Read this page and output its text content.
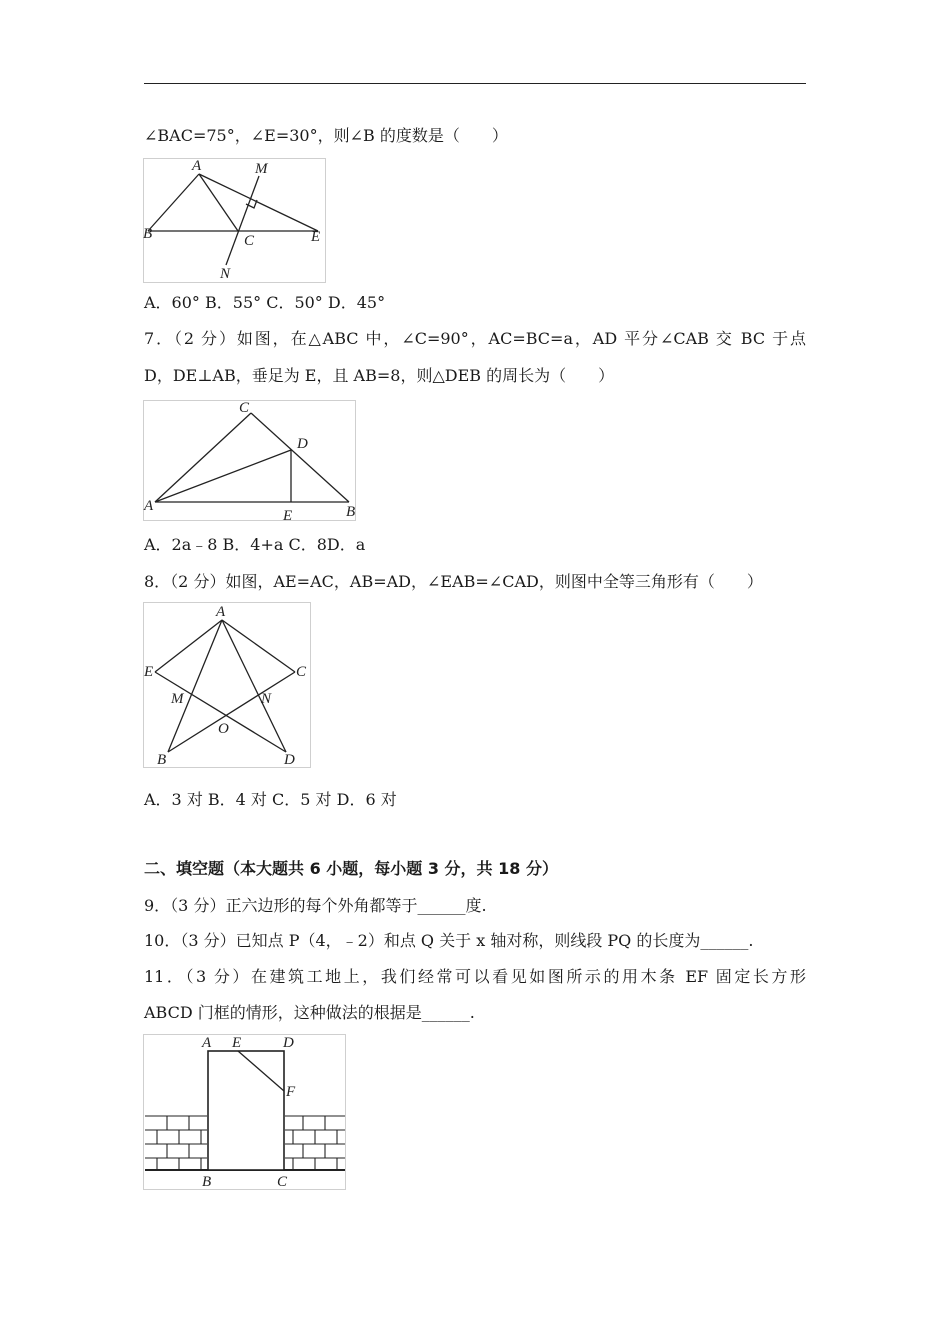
∠BAC=75°，∠E=30°，则∠B 的度数是（　　）
A	M
B	C	E
N
A．60° B．55° C．50° D．45°
7．（2 分）如图，在△ABC 中，∠C=90°，AC=BC=a，AD 平分∠CAB 交 BC 于点
D，DE⊥AB，垂足为 E，且 AB=8，则△DEB 的周长为（　　）
C
D
A
E	B
A．2a﹣8 B．4+a C．8D．a
8．（2 分）如图，AE=AC，AB=AD，∠EAB=∠CAD，则图中全等三角形有（　　）
A
E	C
M	N
O
B	D
A．3 对 B．4 对 C．5 对 D．6 对
二、填空题（本大题共 6 小题，每小题 3 分，共 18 分）
9．（3 分）正六边形的每个外角都等于______度.
10．（3 分）已知点 P（4，﹣2）和点 Q 关于 x 轴对称，则线段 PQ 的长度为______.
11．（3 分）在建筑工地上，我们经常可以看见如图所示的用木条 EF 固定长方形
ABCD 门框的情形，这种做法的根据是______.
A E	D
F
B	C
